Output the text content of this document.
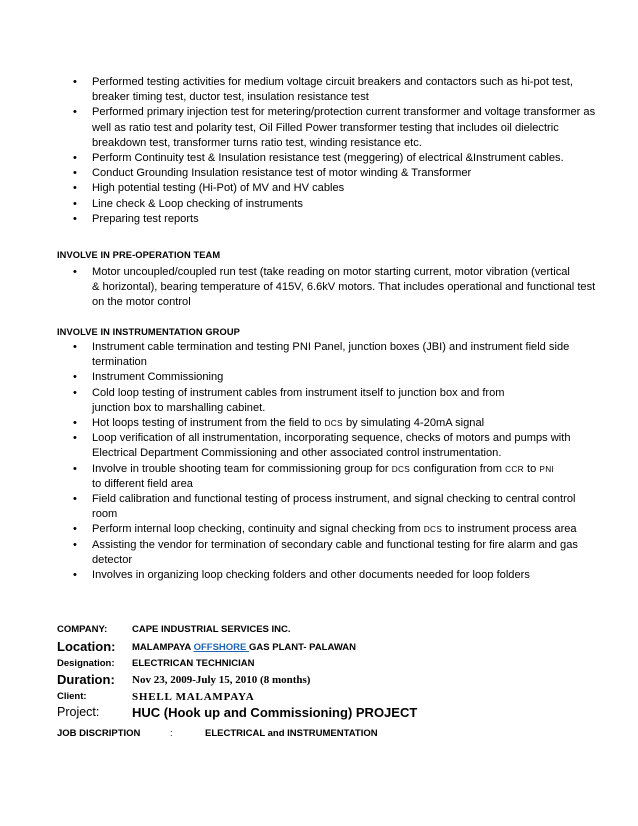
• Performed testing activities for medium voltage circuit breakers and contactors such as hi-pot test, breaker timing test, ductor test, insulation resistance test
• Performed primary injection test for metering/protection current transformer and voltage transformer as well as ratio test and polarity test, Oil Filled Power transformer testing that includes oil dielectric breakdown test, transformer turns ratio test, winding resistance etc.
• Perform Continuity test & Insulation resistance test (meggering) of electrical &Instrument cables.
• Conduct Grounding Insulation resistance test of motor winding & Transformer
• High potential testing (Hi-Pot) of MV and HV cables
• Line check & Loop checking of instruments
• Preparing test reports
INVOLVE IN PRE-OPERATION TEAM
• Motor uncoupled/coupled run test (take reading on motor starting current, motor vibration (vertical
& horizontal), bearing temperature of 415V, 6.6kV motors. That includes operational and functional test on the motor control
INVOLVE IN INSTRUMENTATION GROUP
• Instrument cable termination and testing PNI Panel, junction boxes (JBI) and instrument field side termination
• Instrument Commissioning
• Cold loop testing of instrument cables from instrument itself to junction box and from
junction box to marshalling cabinet.
• Hot loops testing of instrument from the field to DCS by simulating 4-20mA signal
• Loop verification of all instrumentation, incorporating sequence, checks of motors and pumps with Electrical Department Commissioning and other associated control instrumentation.
• Involve in trouble shooting team for commissioning group for DCS configuration from CCR to PNI
to different field area
• Field calibration and functional testing of process instrument, and signal checking to central control room
• Perform internal loop checking, continuity and signal checking from DCS to instrument process area
• Assisting the vendor for termination of secondary cable and functional testing for fire alarm and gas detector
• Involves in organizing loop checking folders and other documents needed for loop folders
COMPANY:	CAPE INDUSTRIAL SERVICES INC.
Location: MALAMPAYA OFFSHORE GAS PLANT- PALAWAN
Designation: ELECTRICAN TECHNICIAN
Duration: Nov 23, 2009-July 15, 2010 (8 months)
Client:	SHELL MALAMPAYA
Project:	HUC (Hook up and Commissioning) PROJECT
JOB DISCRIPTION	:	ELECTRICAL and INSTRUMENTATION
